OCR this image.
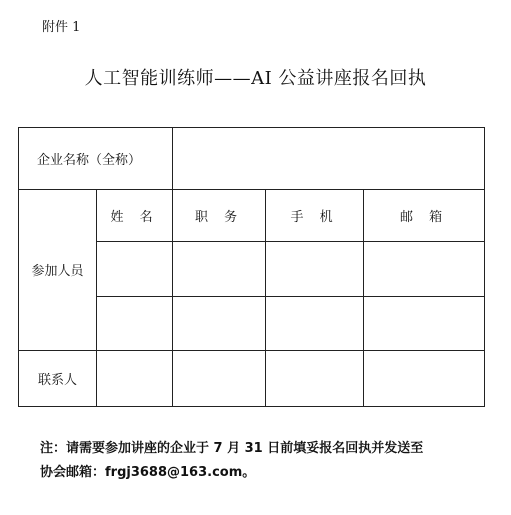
附件 1
人工智能训练师——AI 公益讲座报名回执
企业名称（全称）				
参加人员	姓 名	职 务	手 机	邮 箱

联系人				
注：请需要参加讲座的企业于 7 月 31 日前填妥报名回执并发送至
协会邮箱：frgj3688@163.com。
